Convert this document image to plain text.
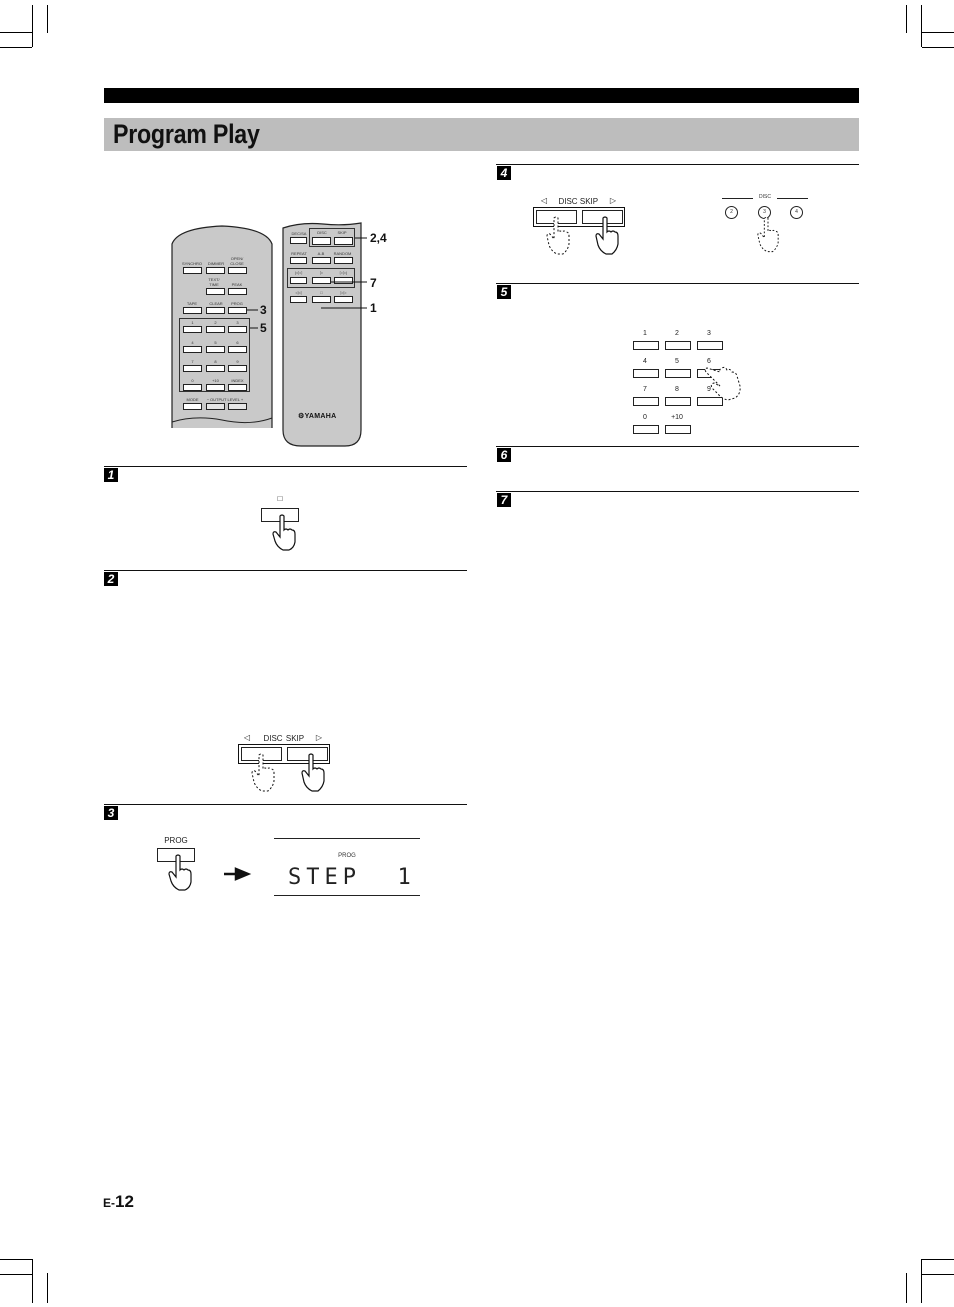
Program Play
SYNCHRO	DIMMER
OPEN/
CLOSE
TEXT/
TIME	PEAK
TAPE	CLEAR	PROG
1	2	3
4	5	6
7	8	9
0	+10	INDEX
MODE	− OUTPUT LEVEL +
DEC/SA	DISC	SKIP
REPEAT	A-B	RANDOM
|◁◁	▷	▷▷|
◁◁	□	▷▷
⚙YAMAHA
2,4
3
5
7
1
1
□
2
◁	DISC SKIP	▷
3
PROG
PROG
STEP  1
4
◁	DISC SKIP	▷	DISC
2	3	4
5
1	2	3
4	5	6
7	8	9
0	+10
6
7
E-12
